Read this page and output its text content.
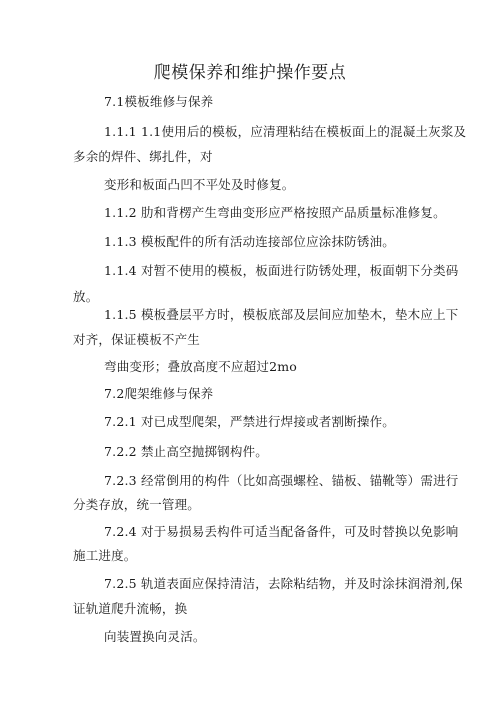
爬模保养和维护操作要点
7.1模板维修与保养
1.1.1 1.1使用后的模板，应清理粘结在模板面上的混凝土灰浆及
多余的焊件、绑扎件，对
变形和板面凸凹不平处及时修复。
1.1.2 肋和背楞产生弯曲变形应严格按照产品质量标准修复。
1.1.3 模板配件的所有活动连接部位应涂抹防锈油。
1.1.4 对暂不使用的模板，板面进行防锈处理，板面朝下分类码
放。
1.1.5 模板叠层平方时，模板底部及层间应加垫木，垫木应上下
对齐，保证模板不产生
弯曲变形；叠放高度不应超过2mo
7.2爬架维修与保养
7.2.1 对已成型爬架，严禁进行焊接或者割断操作。
7.2.2 禁止高空抛掷钢构件。
7.2.3 经常倒用的构件（比如高强螺栓、锚板、锚靴等）需进行
分类存放，统一管理。
7.2.4 对于易损易丢构件可适当配备备件，可及时替换以免影响
施工进度。
7.2.5 轨道表面应保持清洁，去除粘结物，并及时涂抹润滑剂,保
证轨道爬升流畅，换
向装置换向灵活。
